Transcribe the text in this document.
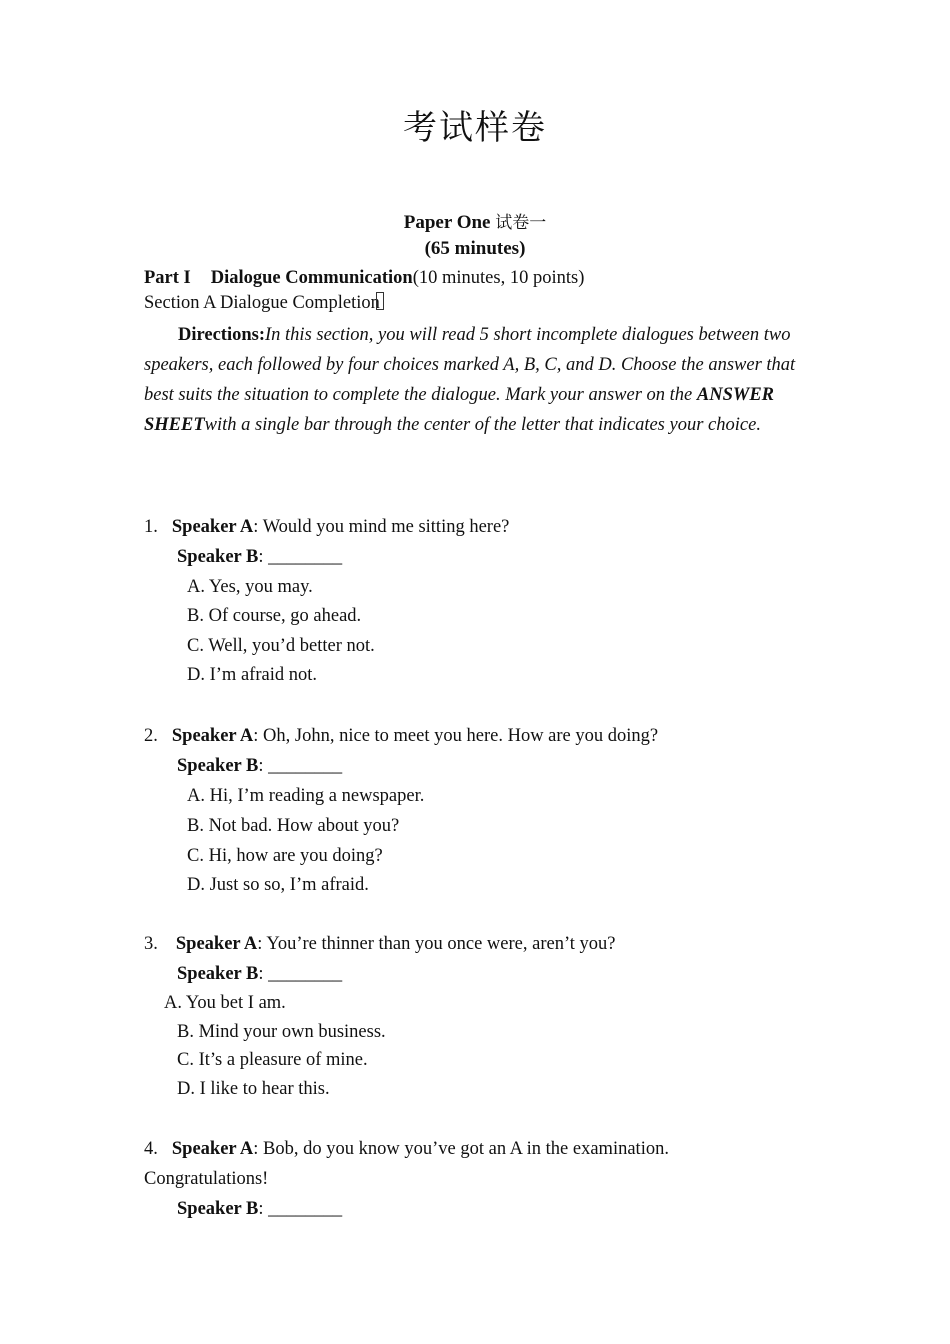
考试样卷
Paper One 试卷一
(65 minutes)
Part I Dialogue Communication(10 minutes, 10 points)
Section A Dialogue Completion
Directions:In this section, you will read 5 short incomplete dialogues between two speakers, each followed by four choices marked A, B, C, and D. Choose the answer that best suits the situation to complete the dialogue. Mark your answer on the ANSWER SHEETwith a single bar through the center of the letter that indicates your choice.
1. Speaker A: Would you mind me sitting here?
Speaker B: ________
A. Yes, you may.
B. Of course, go ahead.
C. Well, you’d better not.
D. I’m afraid not.
2. Speaker A: Oh, John, nice to meet you here. How are you doing?
Speaker B: ________
A. Hi, I’m reading a newspaper.
B. Not bad. How about you?
C. Hi, how are you doing?
D. Just so so, I’m afraid.
3. Speaker A: You’re thinner than you once were, aren’t you?
Speaker B: ________
A. You bet I am.
B. Mind your own business.
C. It’s a pleasure of mine.
D. I like to hear this.
4. Speaker A: Bob, do you know you’ve got an A in the examination.
Congratulations!
Speaker B: ________
